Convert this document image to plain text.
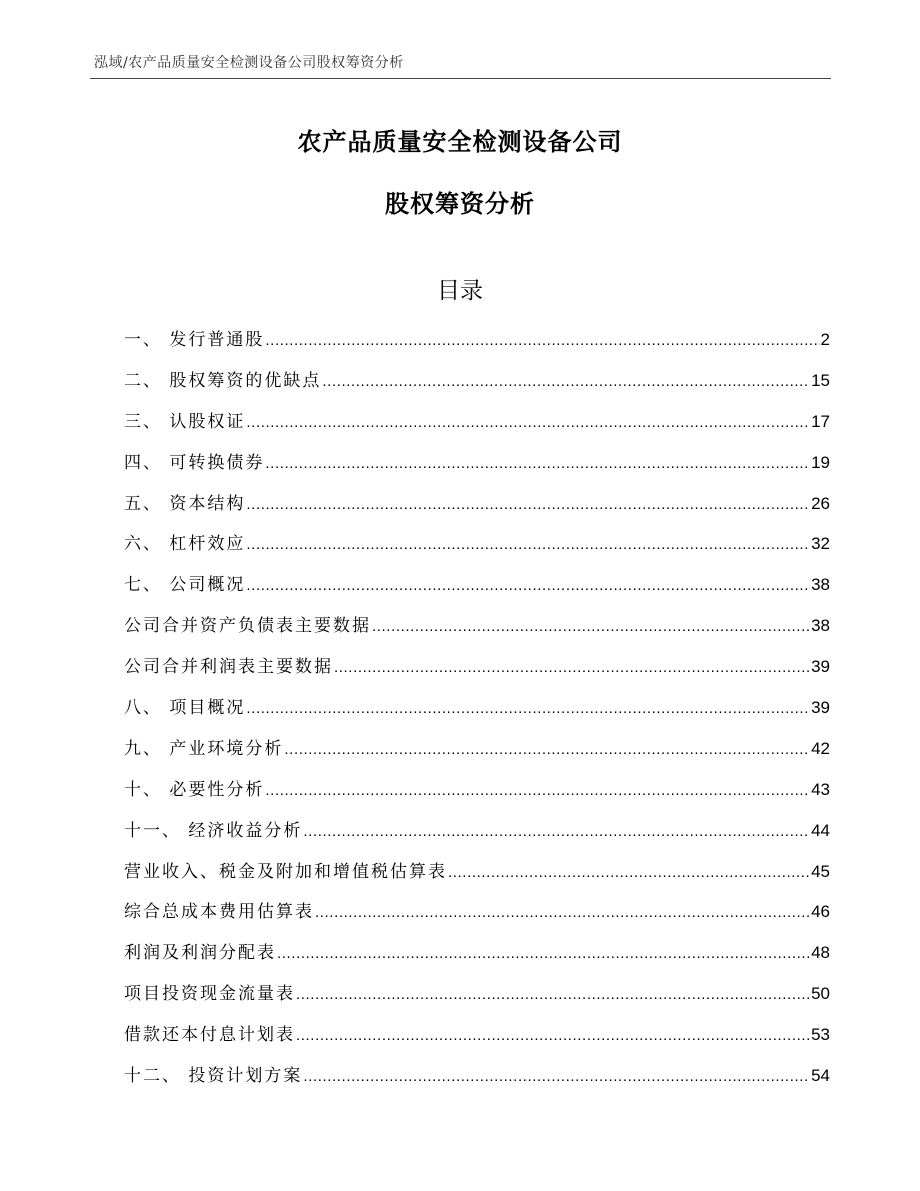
泓域/农产品质量安全检测设备公司股权筹资分析
农产品质量安全检测设备公司
股权筹资分析
目录
一、 发行普通股 .....	2
二、 股权筹资的优缺点 .....	15
三、 认股权证 .....	17
四、 可转换债券 .....	19
五、 资本结构 .....	26
六、 杠杆效应 .....	32
七、 公司概况 .....	38
公司合并资产负债表主要数据 .....	38
公司合并利润表主要数据 .....	39
八、 项目概况 .....	39
九、 产业环境分析 .....	42
十、 必要性分析 .....	43
十一、 经济收益分析 .....	44
营业收入、税金及附加和增值税估算表 .....	45
综合总成本费用估算表 .....	46
利润及利润分配表 .....	48
项目投资现金流量表 .....	50
借款还本付息计划表 .....	53
十二、 投资计划方案 .....	54
